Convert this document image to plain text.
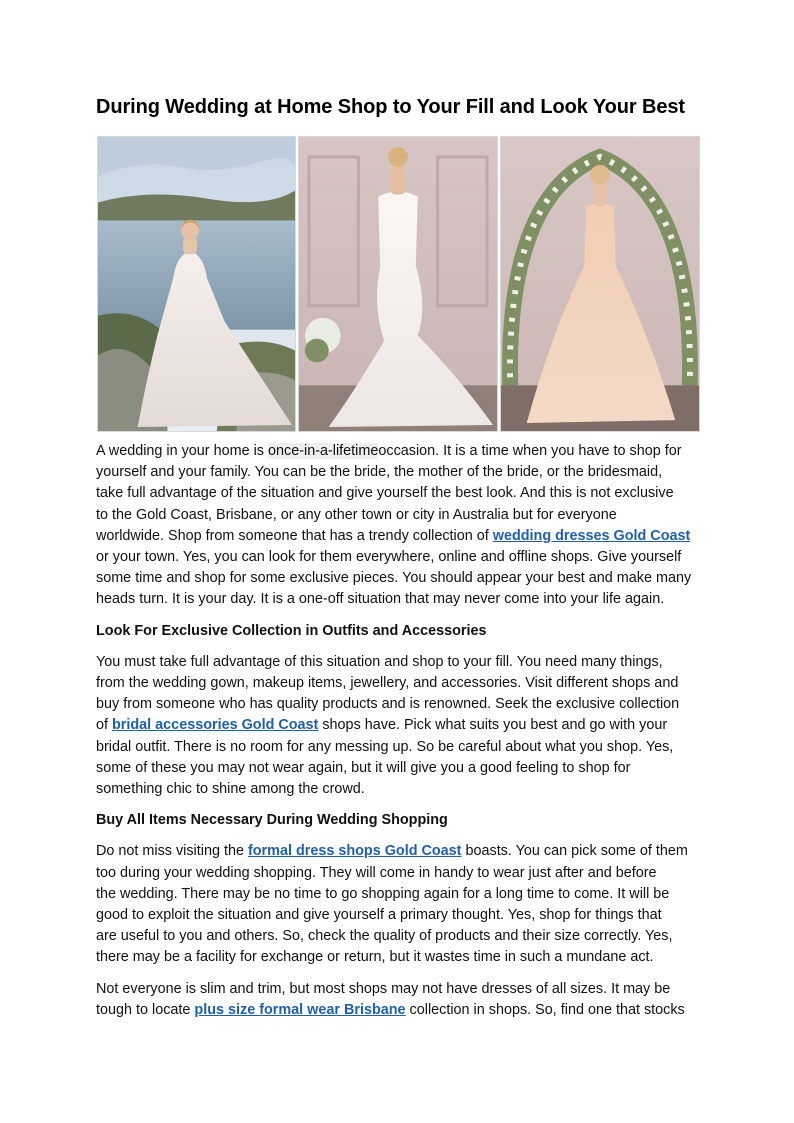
During Wedding at Home Shop to Your Fill and Look Your Best

A wedding in your home is once-in-a-lifetimeoccasion. It is a time when you have to shop for
yourself and your family. You can be the bride, the mother of the bride, or the bridesmaid,
take full advantage of the situation and give yourself the best look. And this is not exclusive
to the Gold Coast, Brisbane, or any other town or city in Australia but for everyone
worldwide. Shop from someone that has a trendy collection of wedding dresses Gold Coast
or your town. Yes, you can look for them everywhere, online and offline shops. Give yourself
some time and shop for some exclusive pieces. You should appear your best and make many
heads turn. It is your day. It is a one-off situation that may never come into your life again.

Look For Exclusive Collection in Outfits and Accessories

You must take full advantage of this situation and shop to your fill. You need many things,
from the wedding gown, makeup items, jewellery, and accessories. Visit different shops and
buy from someone who has quality products and is renowned. Seek the exclusive collection
of bridal accessories Gold Coast shops have. Pick what suits you best and go with your
bridal outfit. There is no room for any messing up. So be careful about what you shop. Yes,
some of these you may not wear again, but it will give you a good feeling to shop for
something chic to shine among the crowd.

Buy All Items Necessary During Wedding Shopping

Do not miss visiting the formal dress shops Gold Coast boasts. You can pick some of them
too during your wedding shopping. They will come in handy to wear just after and before
the wedding. There may be no time to go shopping again for a long time to come. It will be
good to exploit the situation and give yourself a primary thought. Yes, shop for things that
are useful to you and others. So, check the quality of products and their size correctly. Yes,
there may be a facility for exchange or return, but it wastes time in such a mundane act.

Not everyone is slim and trim, but most shops may not have dresses of all sizes. It may be
tough to locate plus size formal wear Brisbane collection in shops. So, find one that stocks
